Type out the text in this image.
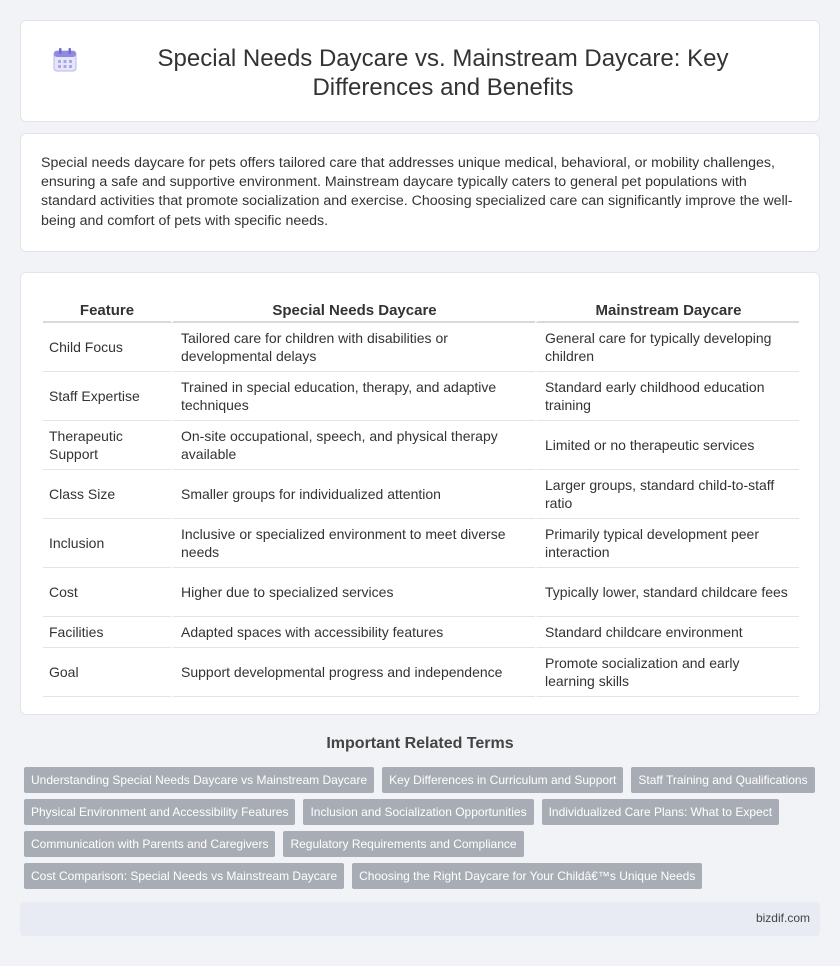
Special Needs Daycare vs. Mainstream Daycare: Key Differences and Benefits

Special needs daycare for pets offers tailored care that addresses unique medical, behavioral, or mobility challenges, ensuring a safe and supportive environment. Mainstream daycare typically caters to general pet populations with standard activities that promote socialization and exercise. Choosing specialized care can significantly improve the well-being and comfort of pets with specific needs.

Feature	Special Needs Daycare	Mainstream Daycare
Child Focus	Tailored care for children with disabilities or developmental delays	General care for typically developing children
Staff Expertise	Trained in special education, therapy, and adaptive techniques	Standard early childhood education training
Therapeutic Support	On-site occupational, speech, and physical therapy available	Limited or no therapeutic services
Class Size	Smaller groups for individualized attention	Larger groups, standard child-to-staff ratio
Inclusion	Inclusive or specialized environment to meet diverse needs	Primarily typical development peer interaction
Cost	Higher due to specialized services	Typically lower, standard childcare fees
Facilities	Adapted spaces with accessibility features	Standard childcare environment
Goal	Support developmental progress and independence	Promote socialization and early learning skills
Important Related Terms
Understanding Special Needs Daycare vs Mainstream Daycare	Key Differences in Curriculum and Support	Staff Training and Qualifications
Physical Environment and Accessibility Features	Inclusion and Socialization Opportunities	Individualized Care Plans: What to Expect
Communication with Parents and Caregivers	Regulatory Requirements and Compliance
Cost Comparison: Special Needs vs Mainstream Daycare	Choosing the Right Daycare for Your Childâ€™s Unique Needs
bizdif.com
